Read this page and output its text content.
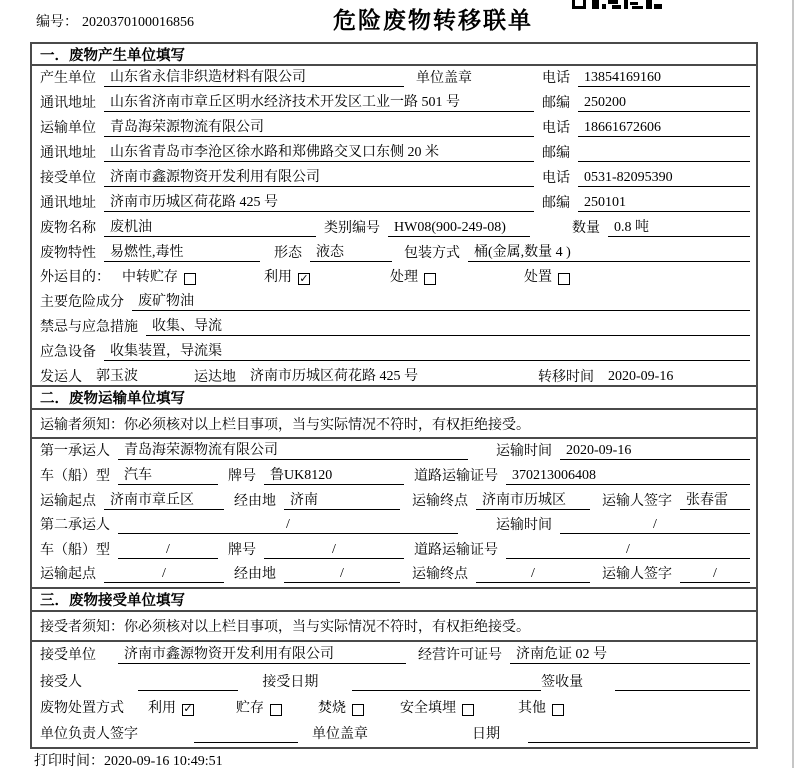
编号： 2020370100016856	危险废物转移联单
一．废物产生单位填写
产生单位	山东省永信非织造材料有限公司	单位盖章	电话	13854169160
通讯地址	山东省济南市章丘区明水经济技术开发区工业一路 501 号	邮编	250200
运输单位	青岛海荣源物流有限公司	电话	18661672606
通讯地址	山东省青岛市李沧区徐水路和郑佛路交叉口东侧 20 米	邮编
接受单位	济南市鑫源物资开发利用有限公司	电话	0531-82095390
通讯地址	济南市历城区荷花路 425 号	邮编	250101
废物名称	废机油	类别编号	HW08(900-249-08)	数量	0.8 吨
废物特性	易燃性,毒性	形态	液态	包装方式	桶(金属,数量 4 )
外运目的： 中转贮存	利用 ✓	处理	处置
主要危险成分	废矿物油
禁忌与应急措施	收集、导流
应急设备	收集装置，导流渠
发运人	郭玉波	运达地	济南市历城区荷花路 425 号	转移时间	2020-09-16
二．废物运输单位填写
运输者须知： 你必须核对以上栏目事项，当与实际情况不符时，有权拒绝接受。
第一承运人	青岛海荣源物流有限公司	运输时间	2020-09-16
车（船）型	汽车	牌号	鲁UK8120	道路运输证号	370213006408
运输起点	济南市章丘区	经由地	济南	运输终点	济南市历城区	运输人签字	张春雷
第二承运人	/	运输时间	/
车（船）型	/	牌号	/	道路运输证号	/
运输起点	/	经由地	/	运输终点	/	运输人签字	/
三．废物接受单位填写
接受者须知： 你必须核对以上栏目事项，当与实际情况不符时，有权拒绝接受。
接受单位	济南市鑫源物资开发利用有限公司	经营许可证号	济南危证 02 号
接受人	接受日期	签收量
废物处置方式 利用 ✓	贮存	焚烧	安全填埋	其他
单位负责人签字	单位盖章	日期
打印时间：2020-09-16 10:49:51
